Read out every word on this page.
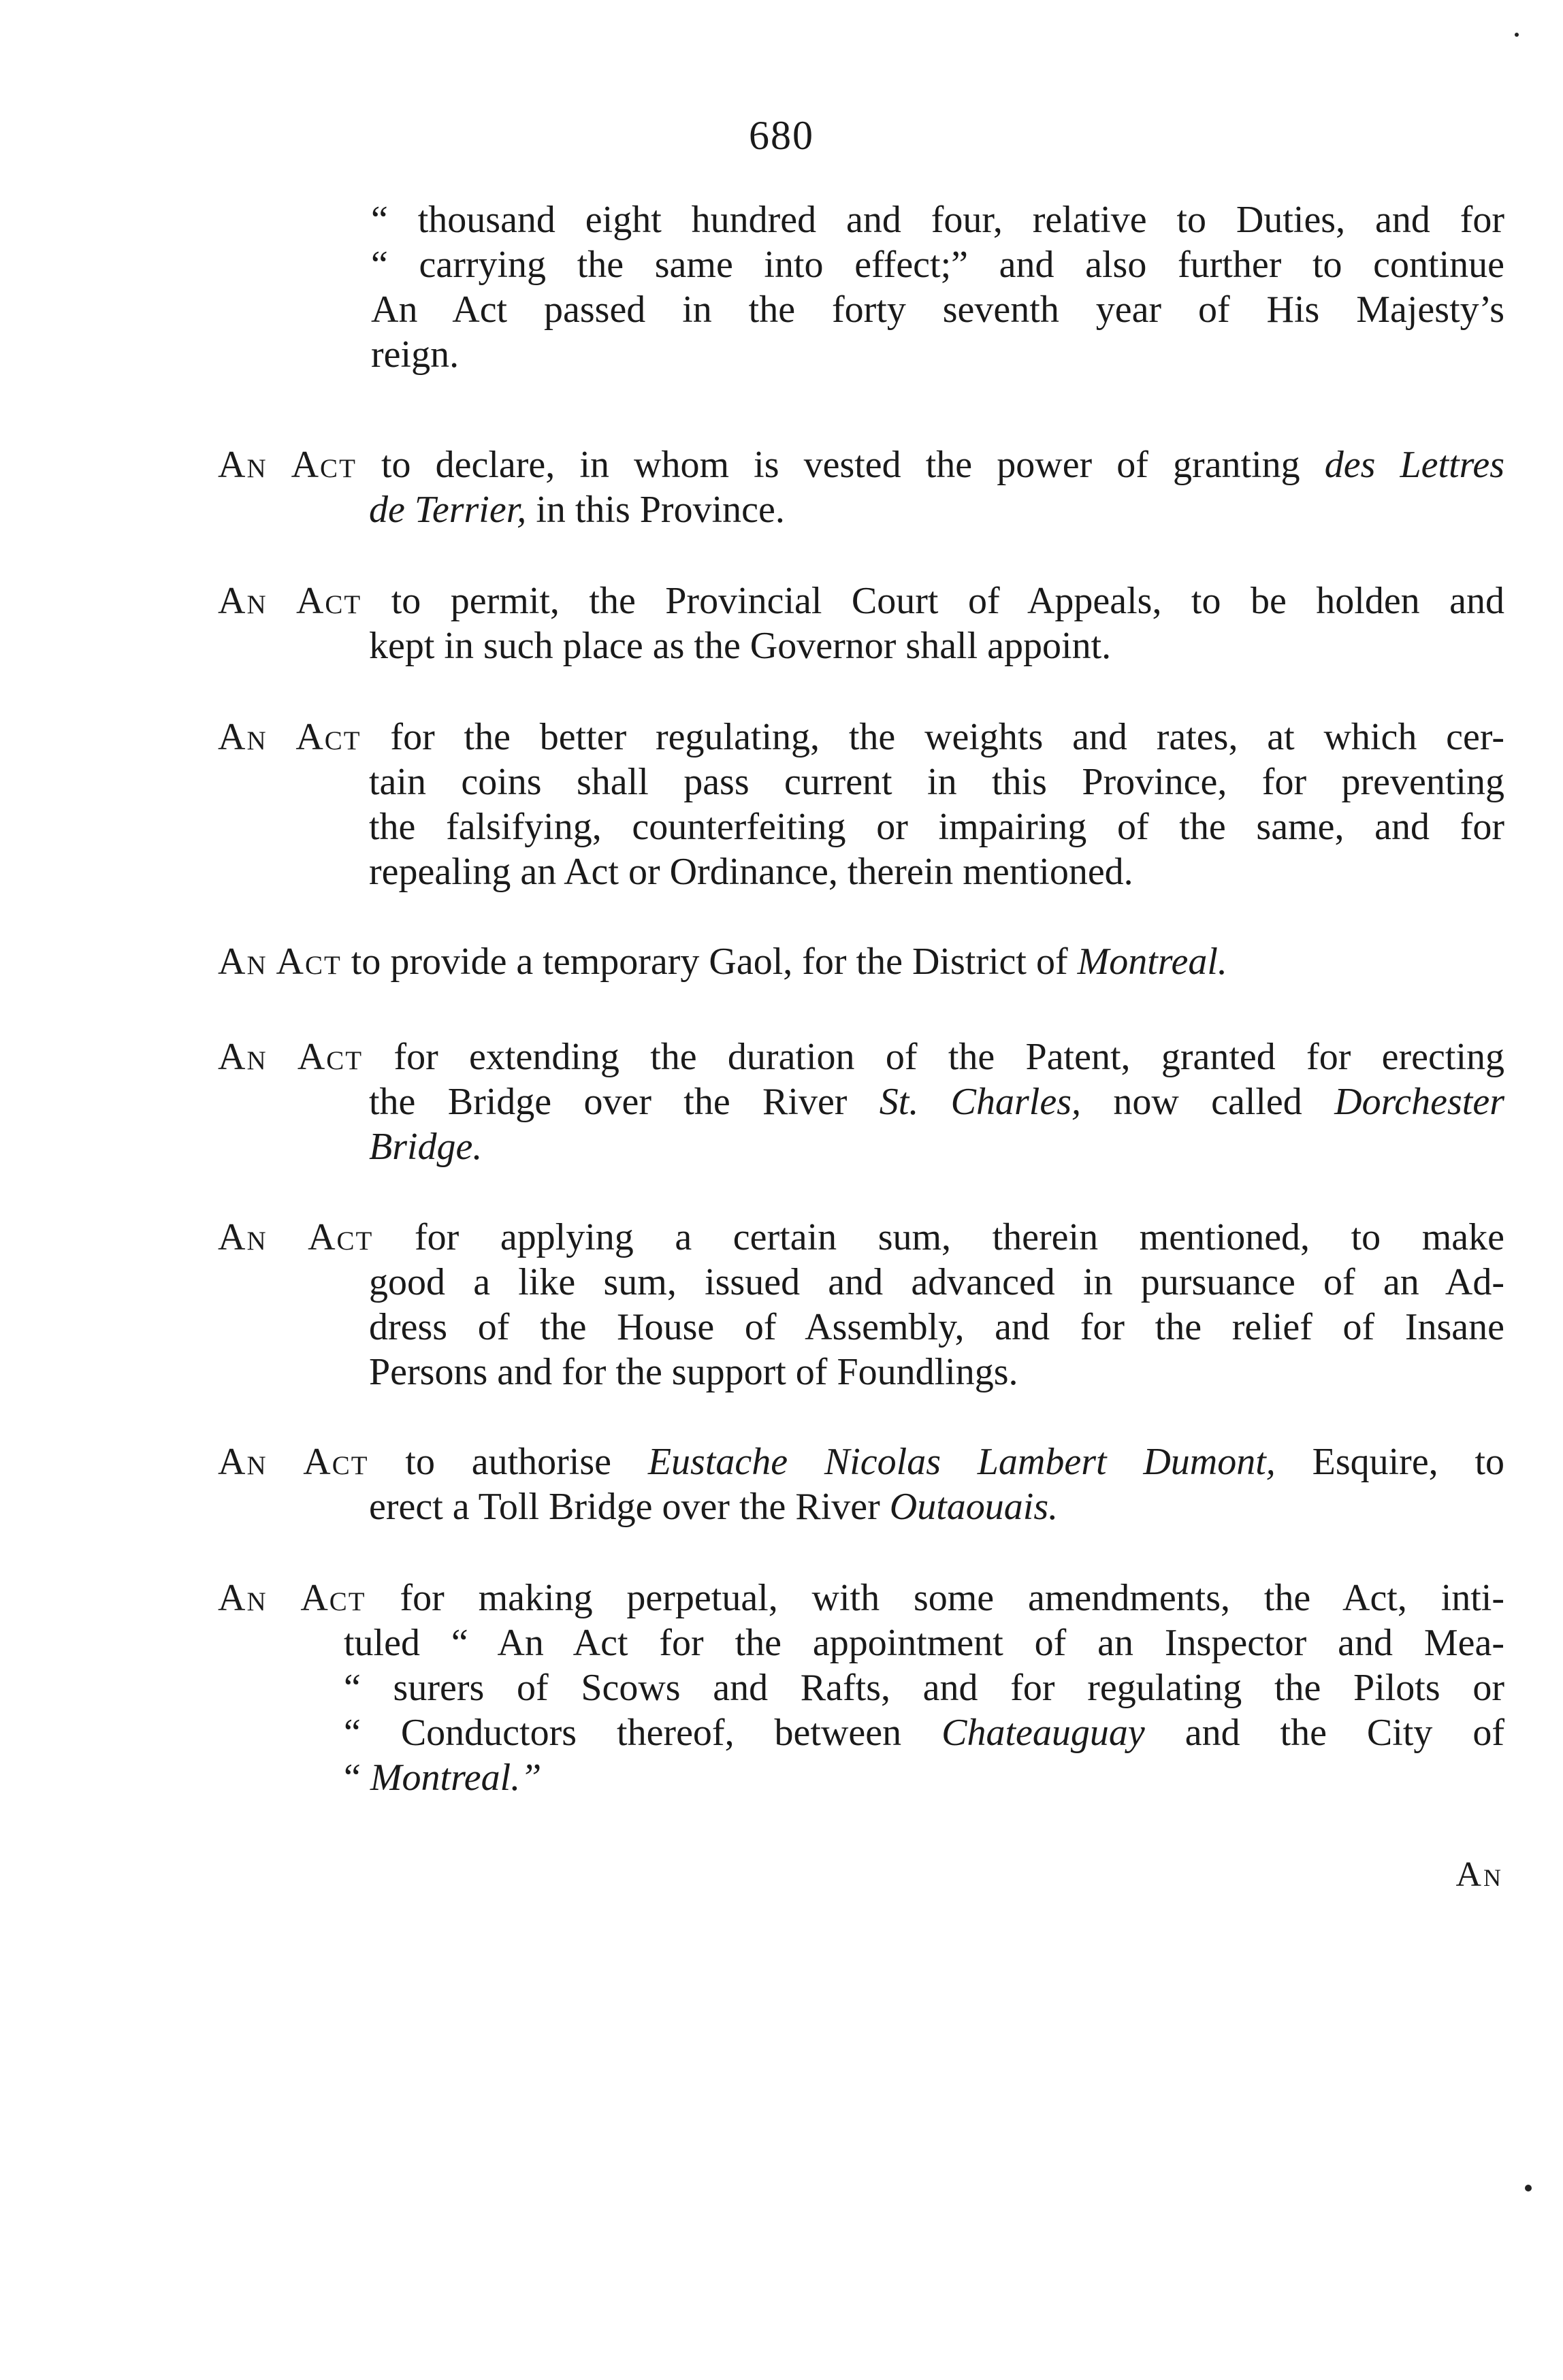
680
“ thousand eight hundred and four, relative to Duties, and for
“ carrying the same into effect;” and also further to continue
An Act passed in the forty seventh year of His Majesty’s
reign.
An Act to declare, in whom is vested the power of granting des Lettres
de Terrier, in this Province.
An Act to permit, the Provincial Court of Appeals, to be holden and
kept in such place as the Governor shall appoint.
An Act for the better regulating, the weights and rates, at which cer-
tain coins shall pass current in this Province, for preventing
the falsifying, counterfeiting or impairing of the same, and for
repealing an Act or Ordinance, therein mentioned.
An Act to provide a temporary Gaol, for the District of Montreal.
An Act for extending the duration of the Patent, granted for erecting
the Bridge over the River St. Charles, now called Dorchester
Bridge.
An Act for applying a certain sum, therein mentioned, to make
good a like sum, issued and advanced in pursuance of an Ad-
dress of the House of Assembly, and for the relief of Insane
Persons and for the support of Foundlings.
An Act to authorise Eustache Nicolas Lambert Dumont, Esquire, to
erect a Toll Bridge over the River Outaouais.
An Act for making perpetual, with some amendments, the Act, inti-
tuled “ An Act for the appointment of an Inspector and Mea-
“ surers of Scows and Rafts, and for regulating the Pilots or
“ Conductors thereof, between Chateauguay and the City of
“ Montreal.”
An
